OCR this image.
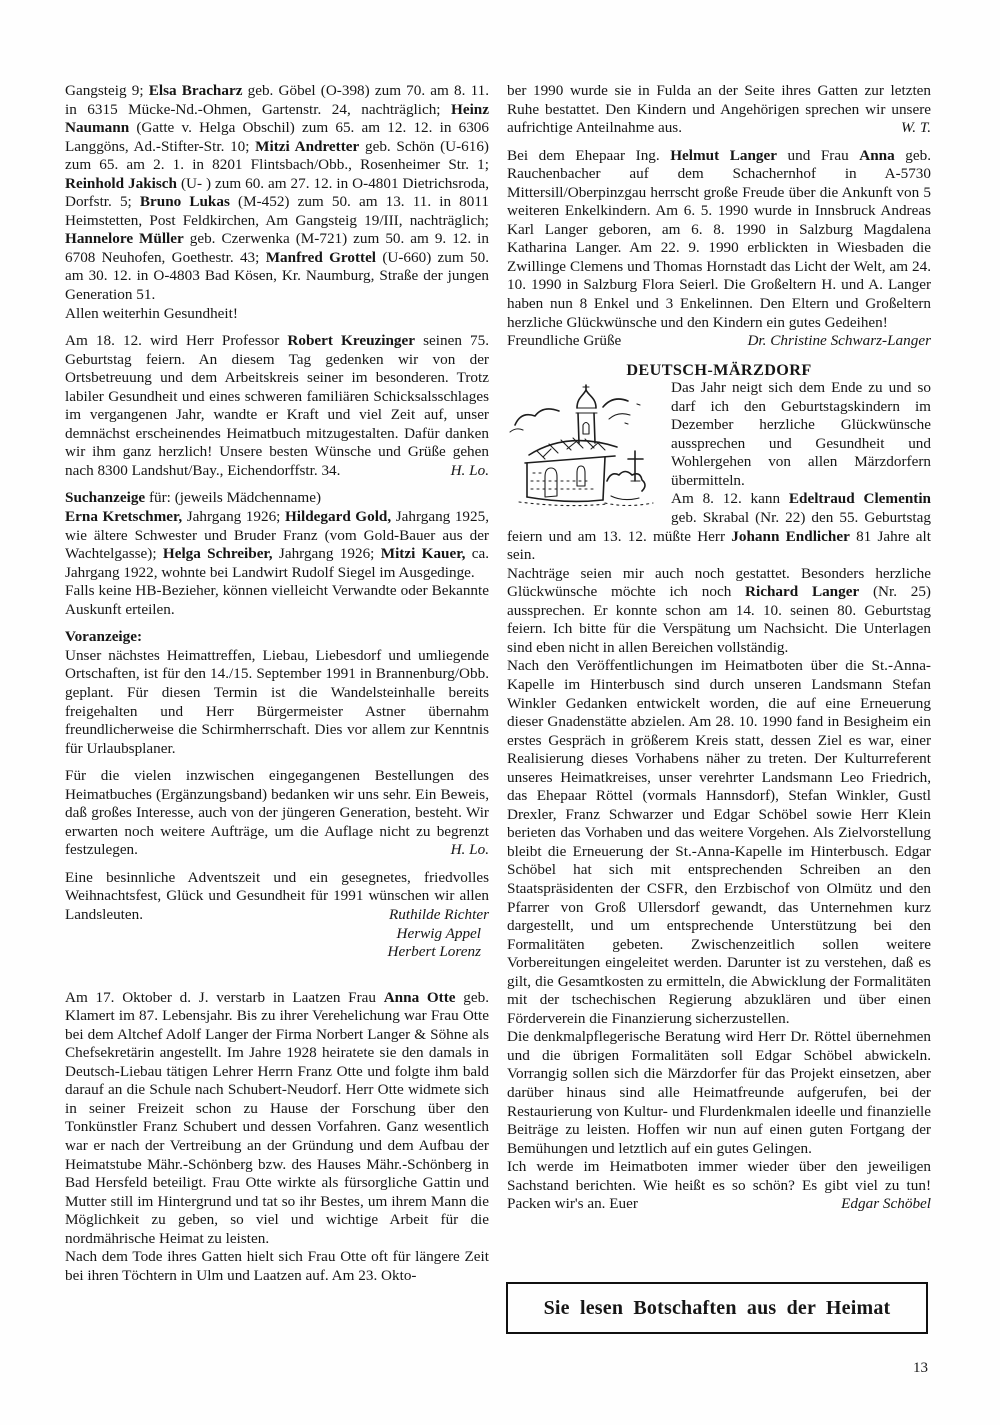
Gangsteig 9; Elsa Bracharz geb. Göbel (O-398) zum 70. am 8. 11. in 6315 Mücke-Nd.-Ohmen, Gartenstr. 24, nachträglich; Heinz Naumann (Gatte v. Helga Obschil) zum 65. am 12. 12. in 6306 Langgöns, Ad.-Stifter-Str. 10; Mitzi Andretter geb. Schön (U-616) zum 65. am 2. 1. in 8201 Flintsbach/Obb., Rosenheimer Str. 1; Reinhold Jakisch (U- ) zum 60. am 27. 12. in O-4801 Dietrichsroda, Dorfstr. 5; Bruno Lukas (M-452) zum 50. am 13. 11. in 8011 Heimstetten, Post Feldkirchen, Am Gangsteig 19/III, nachträglich; Hannelore Müller geb. Czerwenka (M-721) zum 50. am 9. 12. in 6708 Neuhofen, Goethestr. 43; Manfred Grottel (U-660) zum 50. am 30. 12. in O-4803 Bad Kösen, Kr. Naumburg, Straße der jungen Generation 51.

Allen weiterhin Gesundheit!

Am 18. 12. wird Herr Professor Robert Kreuzinger seinen 75. Geburtstag feiern. An diesem Tag gedenken wir von der Ortsbetreuung und dem Arbeitskreis seiner im besonderen. Trotz labiler Gesundheit und eines schweren familiären Schicksalsschlages im vergangenen Jahr, wandte er Kraft und viel Zeit auf, unser demnächst erscheinendes Heimatbuch mitzugestalten. Dafür danken wir ihm ganz herzlich! Unsere besten Wünsche und Grüße gehen nach 8300 Landshut/Bay., Eichendorffstr. 34.	H. Lo.

Suchanzeige für: (jeweils Mädchenname)

Erna Kretschmer, Jahrgang 1926; Hildegard Gold, Jahrgang 1925, wie ältere Schwester und Bruder Franz (vom Gold-Bauer aus der Wachtelgasse); Helga Schreiber, Jahrgang 1926; Mitzi Kauer, ca. Jahrgang 1922, wohnte bei Landwirt Rudolf Siegel im Ausgedinge.

Falls keine HB-Bezieher, können vielleicht Verwandte oder Bekannte Auskunft erteilen.

Voranzeige:

Unser nächstes Heimattreffen, Liebau, Liebesdorf und umliegende Ortschaften, ist für den 14./15. September 1991 in Brannenburg/Obb. geplant. Für diesen Termin ist die Wandelsteinhalle bereits freigehalten und Herr Bürgermeister Astner übernahm freundlicherweise die Schirmherrschaft. Dies vor allem zur Kenntnis für Urlaubsplaner.

Für die vielen inzwischen eingegangenen Bestellungen des Heimatbuches (Ergänzungsband) bedanken wir uns sehr. Ein Beweis, daß großes Interesse, auch von der jüngeren Generation, besteht. Wir erwarten noch weitere Aufträge, um die Auflage nicht zu begrenzt festzulegen.	H. Lo.

Eine besinnliche Adventszeit und ein gesegnetes, friedvolles Weihnachtsfest, Glück und Gesundheit für 1991 wünschen wir allen Landsleuten.	Ruthilde Richter

Herwig Appel
Herbert Lorenz

Am 17. Oktober d. J. verstarb in Laatzen Frau Anna Otte geb. Klamert im 87. Lebensjahr. Bis zu ihrer Verehelichung war Frau Otte bei dem Altchef Adolf Langer der Firma Norbert Langer & Söhne als Chefsekretärin angestellt. Im Jahre 1928 heiratete sie den damals in Deutsch-Liebau tätigen Lehrer Herrn Franz Otte und folgte ihm bald darauf an die Schule nach Schubert-Neudorf. Herr Otte widmete sich in seiner Freizeit schon zu Hause der Forschung über den Tonkünstler Franz Schubert und dessen Vorfahren. Ganz wesentlich war er nach der Vertreibung an der Gründung und dem Aufbau der Heimatstube Mähr.-Schönberg bzw. des Hauses Mähr.-Schönberg in Bad Hersfeld beteiligt. Frau Otte wirkte als fürsorgliche Gattin und Mutter still im Hintergrund und tat so ihr Bestes, um ihrem Mann die Möglichkeit zu geben, so viel und wichtige Arbeit für die nordmährische Heimat zu leisten.

Nach dem Tode ihres Gatten hielt sich Frau Otte oft für längere Zeit bei ihren Töchtern in Ulm und Laatzen auf. Am 23. Okto-

ber 1990 wurde sie in Fulda an der Seite ihres Gatten zur letzten Ruhe bestattet. Den Kindern und Angehörigen sprechen wir unsere aufrichtige Anteilnahme aus.	W. T.

Bei dem Ehepaar Ing. Helmut Langer und Frau Anna geb. Rauchenbacher auf dem Schachernhof in A-5730 Mittersill/Oberpinzgau herrscht große Freude über die Ankunft von 5 weiteren Enkelkindern. Am 6. 5. 1990 wurde in Innsbruck Andreas Karl Langer geboren, am 6. 8. 1990 in Salzburg Magdalena Katharina Langer. Am 22. 9. 1990 erblickten in Wiesbaden die Zwillinge Clemens und Thomas Hornstadt das Licht der Welt, am 24. 10. 1990 in Salzburg Flora Seierl. Die Großeltern H. und A. Langer haben nun 8 Enkel und 3 Enkelinnen. Den Eltern und Großeltern herzliche Glückwünsche und den Kindern ein gutes Gedeihen!

Freundliche Grüße	Dr. Christine Schwarz-Langer

DEUTSCH-MÄRZDORF

Das Jahr neigt sich dem Ende zu und so darf ich den Geburtstagskindern im Dezember herzliche Glückwünsche aussprechen und Gesundheit und Wohlergehen von allen Märzdorfern übermitteln.

Am 8. 12. kann Edeltraud Clementin geb. Skrabal (Nr. 22) den 55. Geburtstag feiern und am 13. 12. müßte Herr Johann Endlicher 81 Jahre alt sein.

Nachträge seien mir auch noch gestattet. Besonders herzliche Glückwünsche möchte ich noch Richard Langer (Nr. 25) aussprechen. Er konnte schon am 14. 10. seinen 80. Geburtstag feiern. Ich bitte für die Verspätung um Nachsicht. Die Unterlagen sind eben nicht in allen Bereichen vollständig.

Nach den Veröffentlichungen im Heimatboten über die St.-Anna-Kapelle im Hinterbusch sind durch unseren Landsmann Stefan Winkler Gedanken entwickelt worden, die auf eine Erneuerung dieser Gnadenstätte abzielen. Am 28. 10. 1990 fand in Besigheim ein erstes Gespräch in größerem Kreis statt, dessen Ziel es war, einer Realisierung dieses Vorhabens näher zu treten. Der Kulturreferent unseres Heimatkreises, unser verehrter Landsmann Leo Friedrich, das Ehepaar Röttel (vormals Hannsdorf), Stefan Winkler, Gustl Drexler, Franz Schwarzer und Edgar Schöbel sowie Herr Klein berieten das Vorhaben und das weitere Vorgehen. Als Zielvorstellung bleibt die Erneuerung der St.-Anna-Kapelle im Hinterbusch. Edgar Schöbel hat sich mit entsprechenden Schreiben an den Staatspräsidenten der CSFR, den Erzbischof von Olmütz und den Pfarrer von Groß Ullersdorf gewandt, das Unternehmen kurz dargestellt, und um entsprechende Unterstützung bei den Formalitäten gebeten. Zwischenzeitlich sollen weitere Vorbereitungen eingeleitet werden. Darunter ist zu verstehen, daß es gilt, die Gesamtkosten zu ermitteln, die Abwicklung der Formalitäten mit der tschechischen Regierung abzuklären und über einen Förderverein die Finanzierung sicherzustellen.

Die denkmalpflegerische Beratung wird Herr Dr. Röttel übernehmen und die übrigen Formalitäten soll Edgar Schöbel abwickeln. Vorrangig sollen sich die Märzdorfer für das Projekt einsetzen, aber darüber hinaus sind alle Heimatfreunde aufgerufen, bei der Restaurierung von Kultur- und Flurdenkmalen ideelle und finanzielle Beiträge zu leisten. Hoffen wir nun auf einen guten Fortgang der Bemühungen und letztlich auf ein gutes Gelingen.

Ich werde im Heimatboten immer wieder über den jeweiligen Sachstand berichten. Wie heißt es so schön? Es gibt viel zu tun! Packen wir's an. Euer	Edgar Schöbel

Sie lesen Botschaften aus der Heimat
13
